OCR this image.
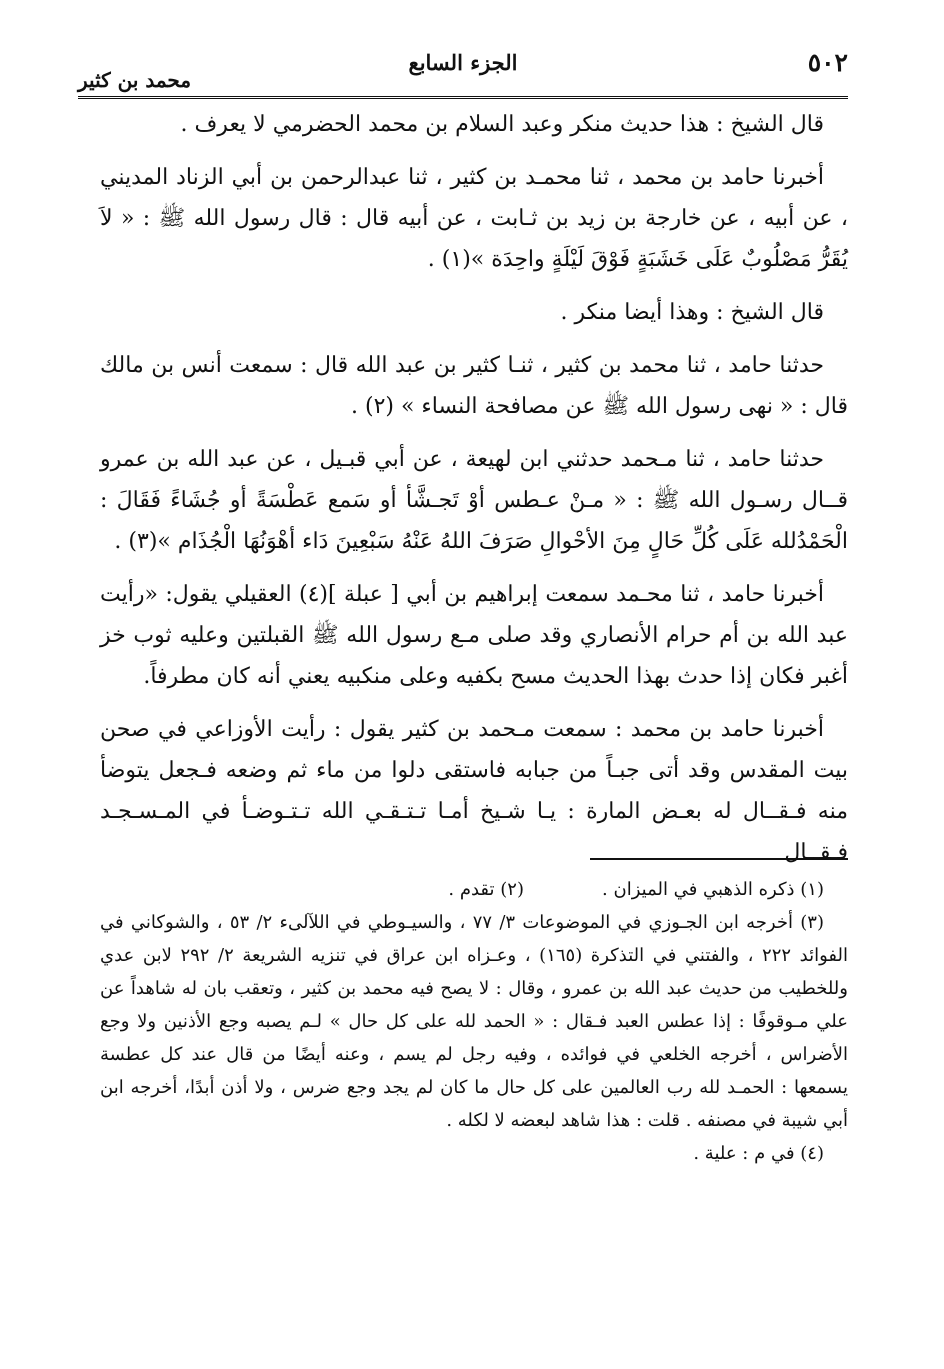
٥٠٢
الجزء السابع
محمد بن كثير

قال الشيخ : هذا حديث منكر وعبد السلام بن محمد الحضرمي لا يعرف .

أخبرنا حامد بن محمد ، ثنا محمـد بن كثير ، ثنا عبدالرحمن بن أبي الزناد المديني ، عن أبيه ، عن خارجة بن زيد بن ثـابت ، عن أبيه قال : قال رسول الله ﷺ : « لاَ يُقَرُّ مَصْلُوبٌ عَلَى خَشَبَةٍ فَوْقَ لَيْلَةٍ واحِدَة »(١) .

قال الشيخ : وهذا أيضا منكر .

حدثنا حامد ، ثنا محمد بن كثير ، ثنـا كثير بن عبد الله قال : سمعت أنس بن مالك قال : « نهى رسول الله ﷺ عن مصافحة النساء » (٢) .

حدثنا حامد ، ثنا مـحمد حدثني ابن لهيعة ، عن أبي قبـيل ، عن عبد الله بن عمرو قــال رسـول الله ﷺ : « مـنْ عـطس أوْ تَجـشَّأ أو سَمع عَطْسَةً أو جُشَاءً فَقَالَ : الْحَمْدُلله عَلَى كُلِّ حَالٍ مِنَ الأحْوالِ صَرَفَ اللهُ عَنْهُ سَبْعِينَ دَاء أهْوَنُهَا الْجُذَام »(٣) .

أخبرنا حامد ، ثنا محـمد سمعت إبراهيم بن أبي [ عبلة ](٤) العقيلي يقول: «رأيت عبد الله بن أم حرام الأنصاري وقد صلى مـع رسول الله ﷺ القبلتين وعليه ثوب خز أغبر فكان إذا حدث بهذا الحديث مسح بكفيه وعلى منكبيه يعني أنه كان مطرفاً.

أخبرنا حامد بن محمد : سمعت مـحمد بن كثير يقول : رأيت الأوزاعي في صحن بيت المقدس وقد أتى جبـاً من جبابه فاستقى دلوا من ماء ثم وضعه فـجعل يتوضأ منه فـقــال له بعـض المارة : يـا شـيخ أمـا تـتـقـي الله تـتـوضـأ في المـسـجـد فـقــال

(١) ذكره الذهبي في الميزان .
(٢) تقدم .

(٣) أخرجه ابن الجـوزي في الموضوعات ٣/ ٧٧ ، والسيـوطي في اللآلىء ٢/ ٥٣ ، والشوكاني في الفوائد ٢٢٢ ، والفتني في التذكرة (١٦٥) ، وعـزاه ابن عراق في تنزيه الشريعة ٢/ ٢٩٢ لابن عدي وللخطيب من حديث عبد الله بن عمرو ، وقال : لا يصح فيه محمد بن كثير ، وتعقب بان له شاهداً عن علي مـوقوفًا : إذا عطس العبد فـقال : « الحمد لله على كل حال » لـم يصبه وجع الأذنين ولا وجع الأضراس ، أخرجه الخلعي في فوائده ، وفيه رجل لم يسم ، وعنه أيضًا من قال عند كل عطسة يسمعها : الحمـد لله رب العالمين على كل حال ما كان لم يجد وجع ضرس ، ولا أذن أبدًا، أخرجه ابن أبي شيبة في مصنفه . قلت : هذا شاهد لبعضه لا لكله .

(٤) في م : علية .
